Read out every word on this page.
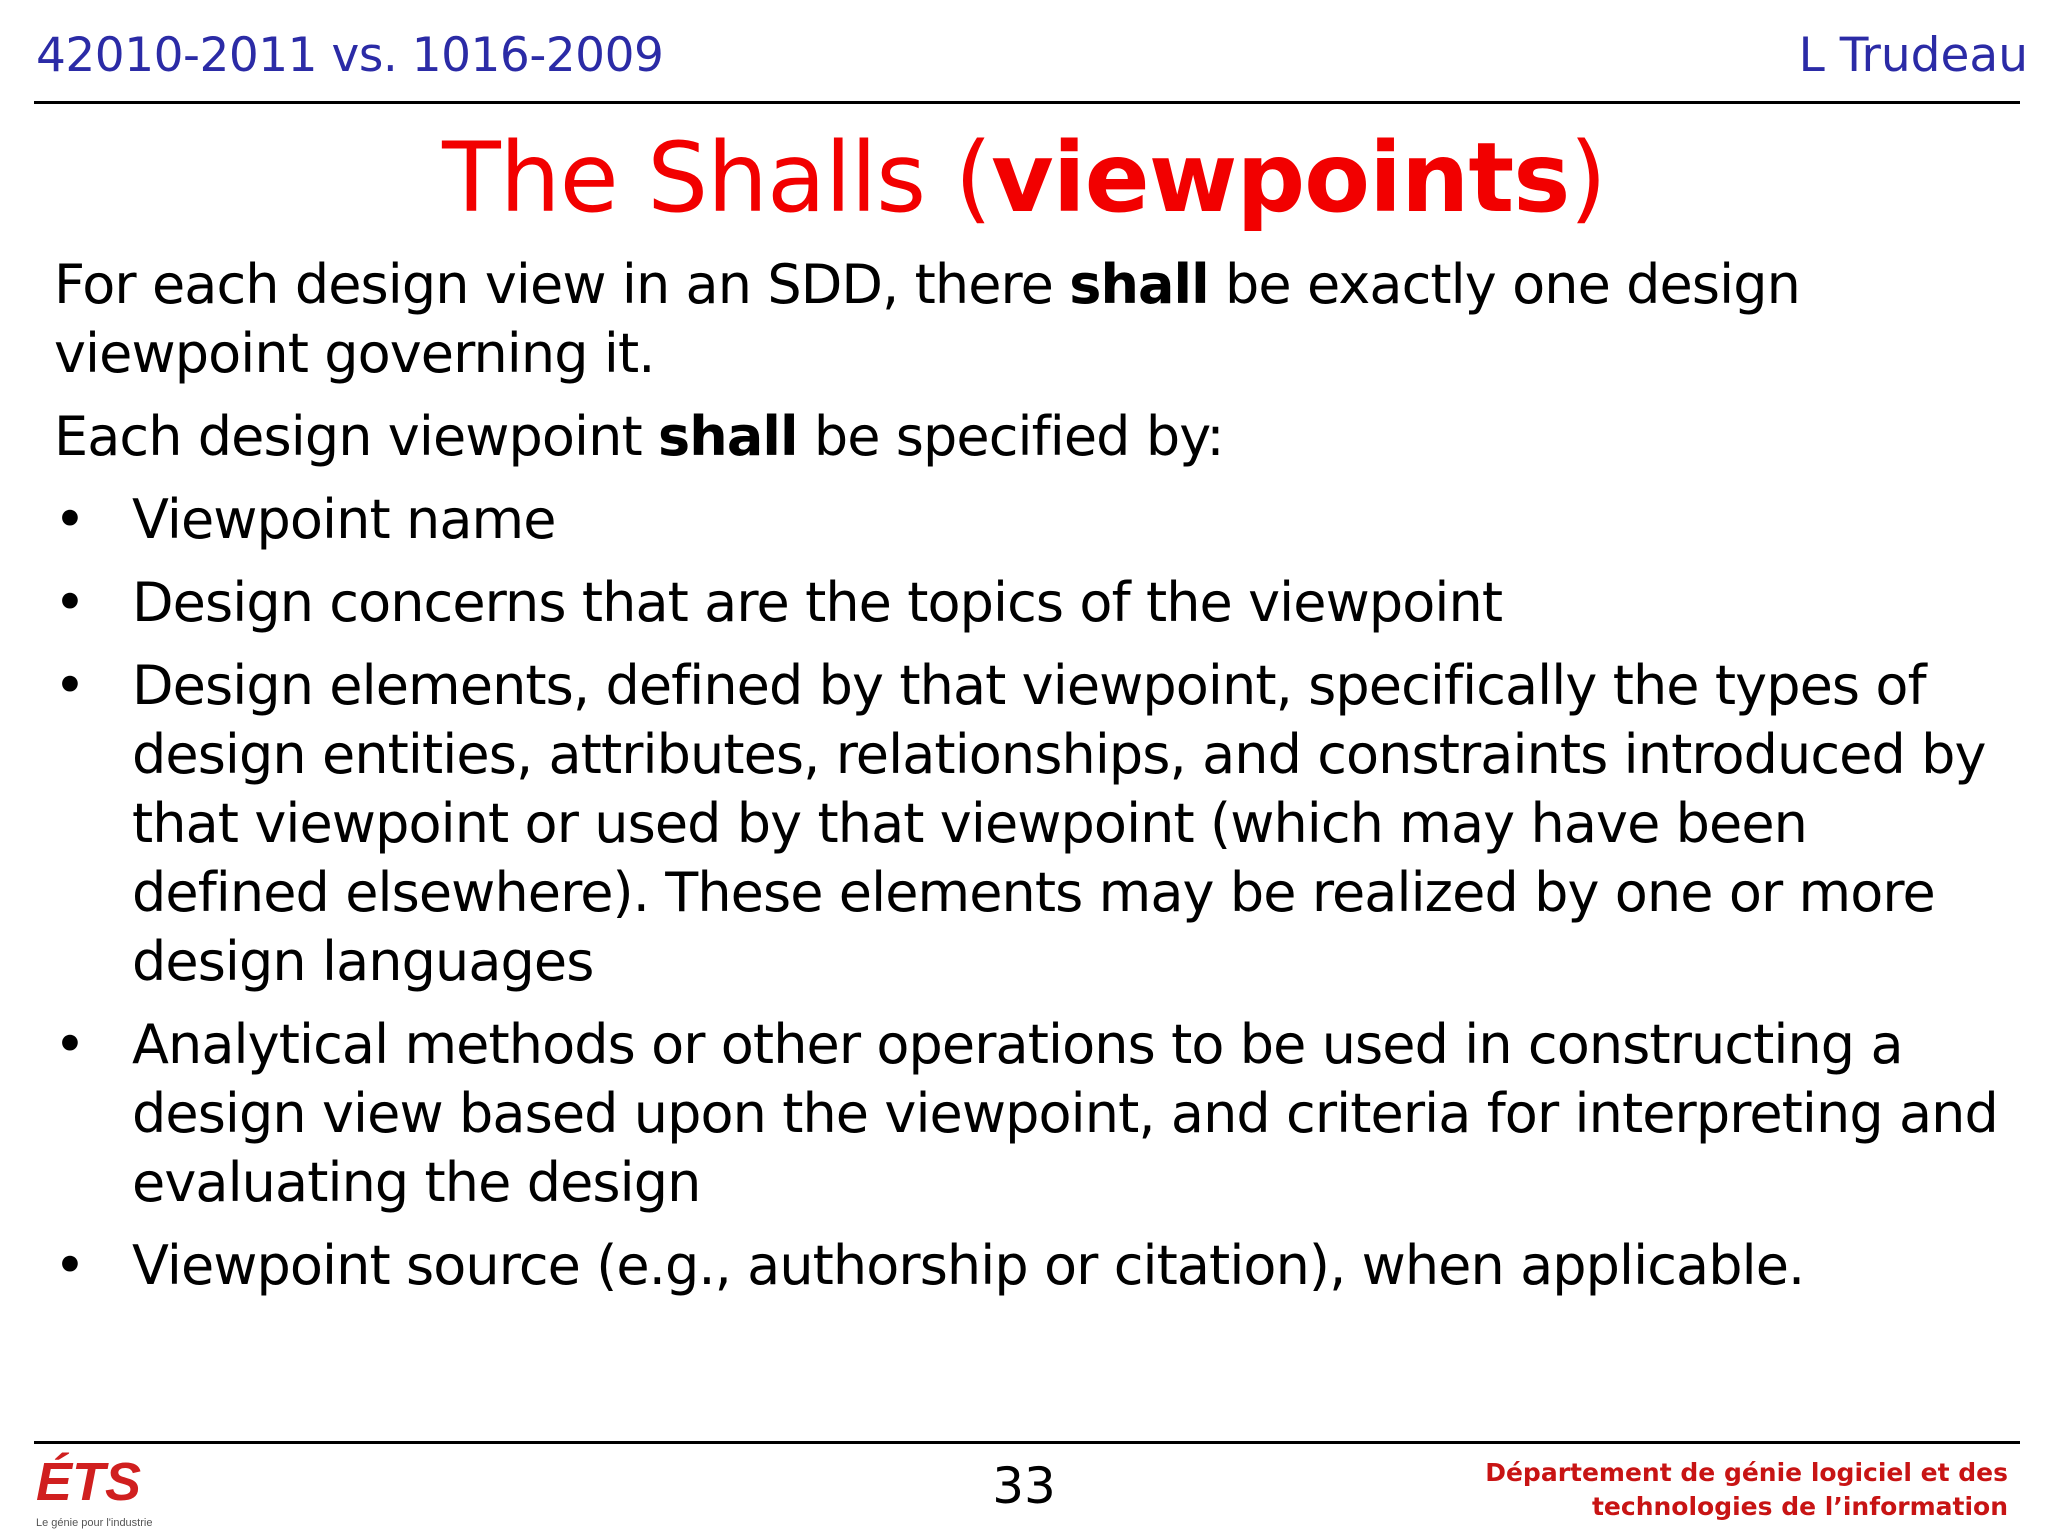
42010-2011 vs. 1016-2009	L Trudeau
The Shalls (viewpoints)

For each design view in an SDD, there shall be exactly one design viewpoint governing it.

Each design viewpoint shall be specified by:

• Viewpoint name
• Design concerns that are the topics of the viewpoint
• Design elements, defined by that viewpoint, specifically the types of design entities, attributes, relationships, and constraints introduced by that viewpoint or used by that viewpoint (which may have been defined elsewhere). These elements may be realized by one or more design languages
• Analytical methods or other operations to be used in constructing a design view based upon the viewpoint, and criteria for interpreting and evaluating the design
• Viewpoint source (e.g., authorship or citation), when applicable.
ÉTS
Le génie pour l'industrie
33	Département de génie logiciel et des
technologies de l’information
